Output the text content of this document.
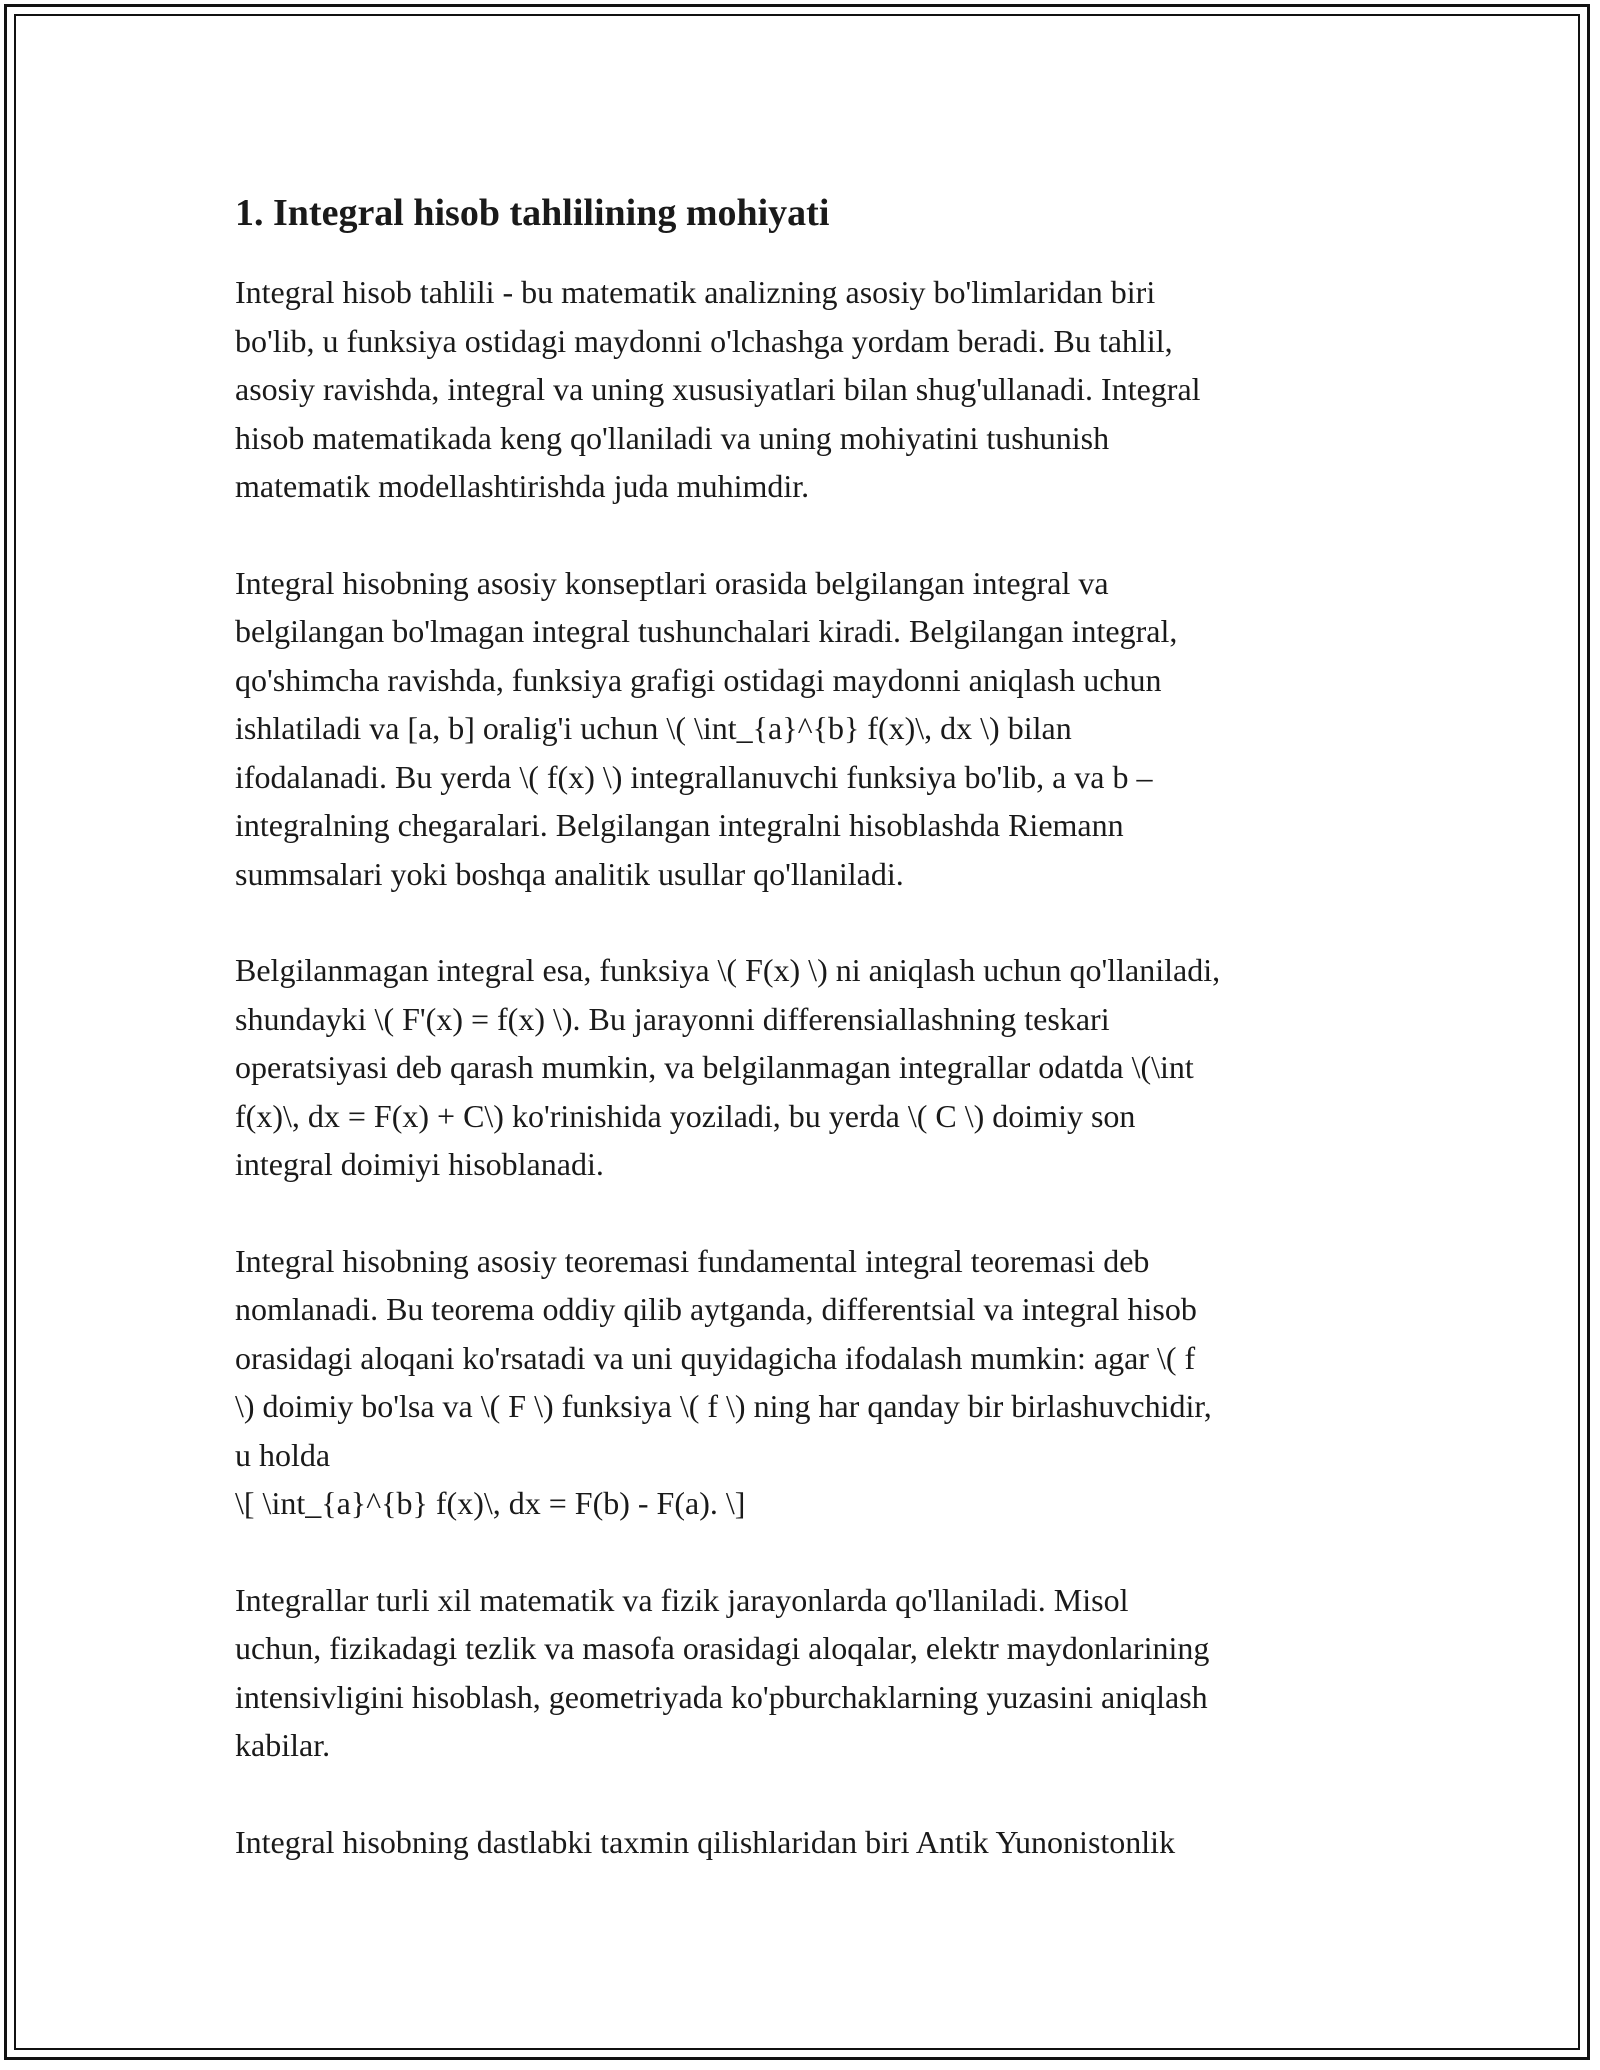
1. Integral hisob tahlilining mohiyati

Integral hisob tahlili - bu matematik analizning asosiy bo'limlaridan biri
bo'lib, u funksiya ostidagi maydonni o'lchashga yordam beradi. Bu tahlil,
asosiy ravishda, integral va uning xususiyatlari bilan shug'ullanadi. Integral
hisob matematikada keng qo'llaniladi va uning mohiyatini tushunish
matematik modellashtirishda juda muhimdir.

Integral hisobning asosiy konseptlari orasida belgilangan integral va
belgilangan bo'lmagan integral tushunchalari kiradi. Belgilangan integral,
qo'shimcha ravishda, funksiya grafigi ostidagi maydonni aniqlash uchun
ishlatiladi va [a, b] oralig'i uchun \( \int_{a}^{b} f(x)\, dx \) bilan
ifodalanadi. Bu yerda \( f(x) \) integrallanuvchi funksiya bo'lib, a va b –
integralning chegaralari. Belgilangan integralni hisoblashda Riemann
summsalari yoki boshqa analitik usullar qo'llaniladi.

Belgilanmagan integral esa, funksiya \( F(x) \) ni aniqlash uchun qo'llaniladi,
shundayki \( F'(x) = f(x) \). Bu jarayonni differensiallashning teskari
operatsiyasi deb qarash mumkin, va belgilanmagan integrallar odatda \(\int
f(x)\, dx = F(x) + C\) ko'rinishida yoziladi, bu yerda \( C \) doimiy son
integral doimiyi hisoblanadi.

Integral hisobning asosiy teoremasi fundamental integral teoremasi deb
nomlanadi. Bu teorema oddiy qilib aytganda, differentsial va integral hisob
orasidagi aloqani ko'rsatadi va uni quyidagicha ifodalash mumkin: agar \( f
\) doimiy bo'lsa va \( F \) funksiya \( f \) ning har qanday bir birlashuvchidir,
u holda
\[ \int_{a}^{b} f(x)\, dx = F(b) - F(a). \]

Integrallar turli xil matematik va fizik jarayonlarda qo'llaniladi. Misol
uchun, fizikadagi tezlik va masofa orasidagi aloqalar, elektr maydonlarining
intensivligini hisoblash, geometriyada ko'pburchaklarning yuzasini aniqlash
kabilar.

Integral hisobning dastlabki taxmin qilishlaridan biri Antik Yunonistonlik
